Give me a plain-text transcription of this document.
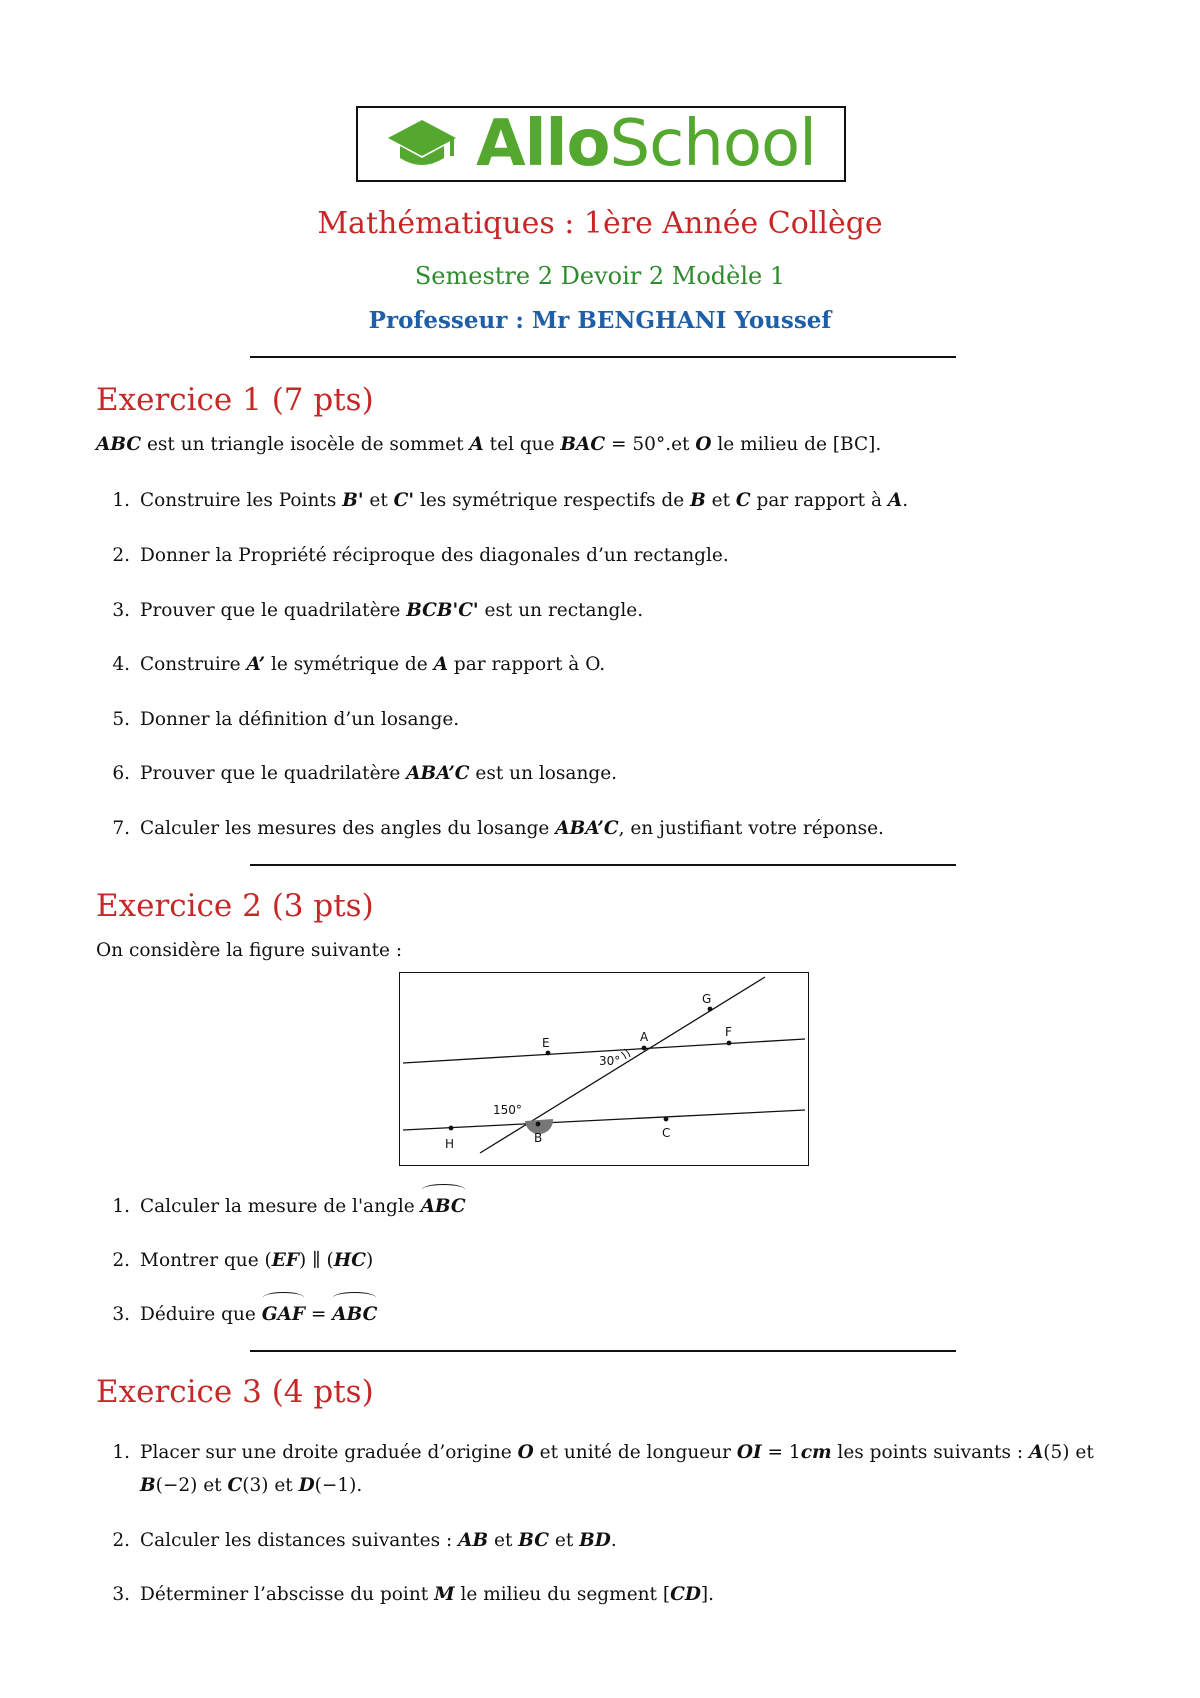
AlloSchool
Mathématiques : 1ère Année Collège
Semestre 2 Devoir 2 Modèle 1
Professeur : Mr BENGHANI Youssef
Exercice 1 (7 pts)
ABC est un triangle isocèle de sommet A tel que BAC = 50°.et O le milieu de [BC].
1. Construire les Points B' et C' les symétrique respectifs de B et C par rapport à A.
2. Donner la Propriété réciproque des diagonales d’un rectangle.
3. Prouver que le quadrilatère BCB'C' est un rectangle.
4. Construire A’ le symétrique de A par rapport à O.
5. Donner la définition d’un losange.
6. Prouver que le quadrilatère ABA’C est un losange.
7. Calculer les mesures des angles du losange ABA’C, en justifiant votre réponse.
Exercice 2 (3 pts)
On considère la figure suivante :
G
E	A	F
30°
150°
H	B	C
1. Calculer la mesure de l'angle ABC
2. Montrer que (EF) ∥ (HC)
3. Déduire que GAF = ABC
Exercice 3 (4 pts)
1. Placer sur une droite graduée d’origine O et unité de longueur OI = 1cm les points suivants : A(5) et B(−2) et C(3) et D(−1).
2. Calculer les distances suivantes : AB et BC et BD.
3. Déterminer l’abscisse du point M le milieu du segment [CD].
